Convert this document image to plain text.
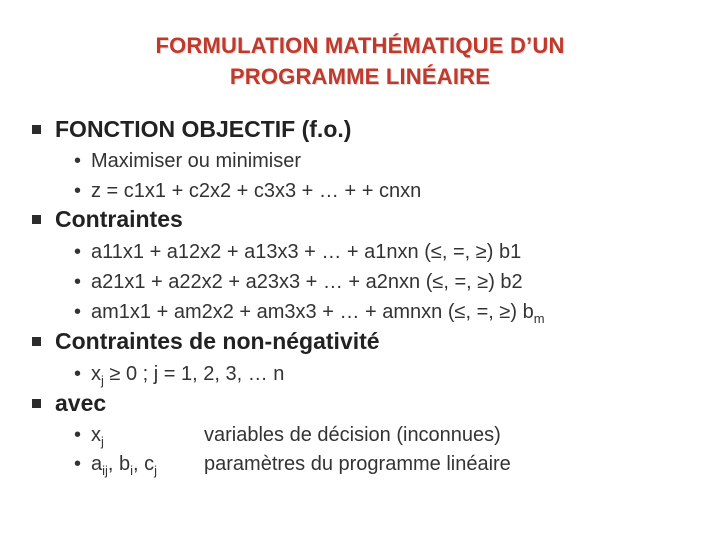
FORMULATION MATHÉMATIQUE D’UN
PROGRAMME LINÉAIRE
FONCTION OBJECTIF (f.o.)
• Maximiser ou minimiser
• z = c1x1 + c2x2 + c3x3 + … + + cnxn
Contraintes
• a11x1 + a12x2 + a13x3 + … + a1nxn (≤, =, ≥) b1
• a21x1 + a22x2 + a23x3 + … + a2nxn (≤, =, ≥) b2
• am1x1 + am2x2 + am3x3 + … + amnxn (≤, =, ≥) $b_m$
Contraintes de non-négativité
• $x_j \ge 0$ ; j = 1, 2, 3, … n
avec
• $x_j$	variables de décision (inconnues)
• $a_{ij}$, $b_i$, $c_j$ paramètres du programme linéaire
